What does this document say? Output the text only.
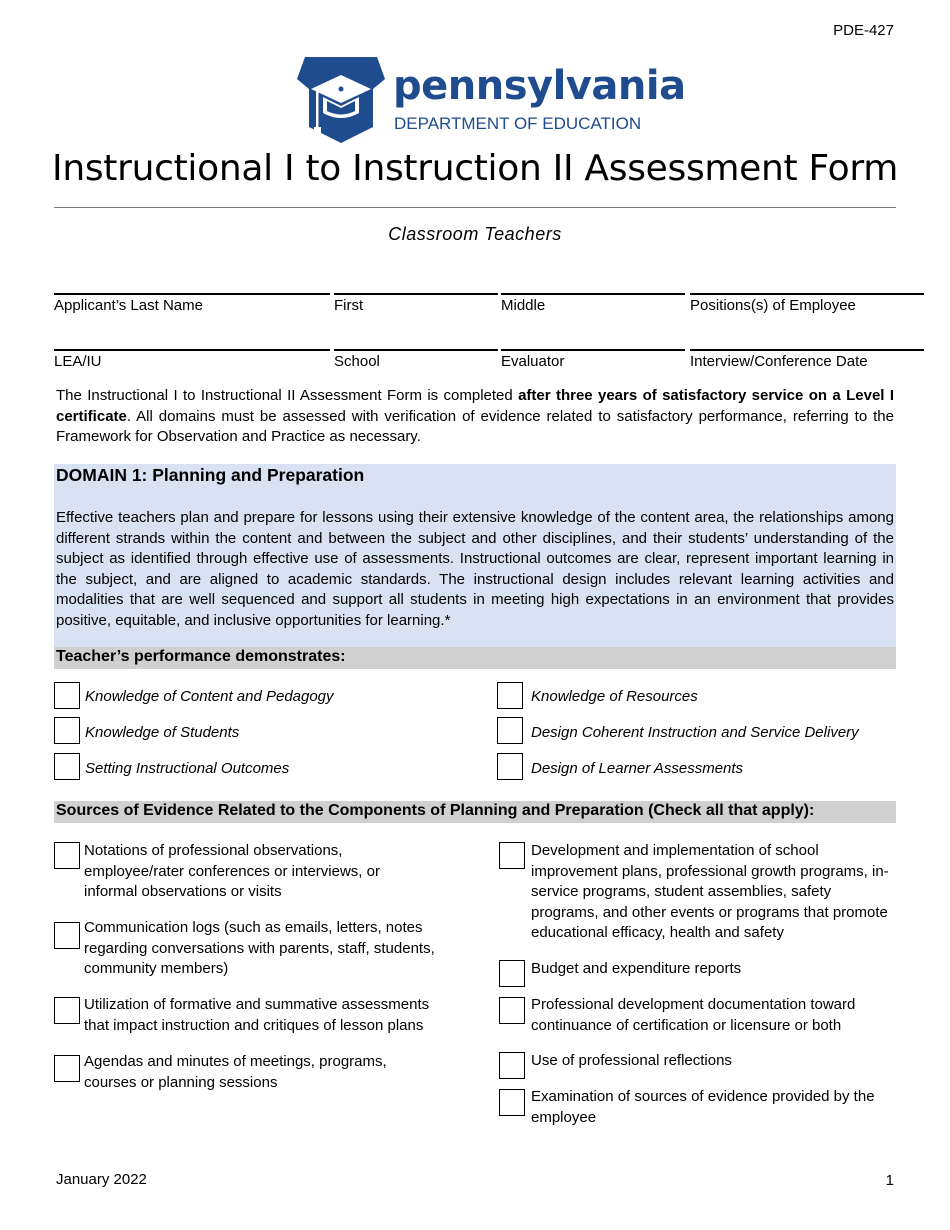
PDE-427
pennsylvania
DEPARTMENT OF EDUCATION
Instructional I to Instruction II Assessment Form
Classroom Teachers
Applicant’s Last Name	First	Middle	Positions(s) of Employee
LEA/IU	School	Evaluator	Interview/Conference Date
The Instructional I to Instructional II Assessment Form is completed after three years of satisfactory service on a Level I certificate. All domains must be assessed with verification of evidence related to satisfactory performance, referring to the Framework for Observation and Practice as necessary.
DOMAIN 1: Planning and Preparation
Effective teachers plan and prepare for lessons using their extensive knowledge of the content area, the relationships among different strands within the content and between the subject and other disciplines, and their students’ understanding of the subject as identified through effective use of assessments. Instructional outcomes are clear, represent important learning in the subject, and are aligned to academic standards. The instructional design includes relevant learning activities and modalities that are well sequenced and support all students in meeting high expectations in an environment that provides positive, equitable, and inclusive opportunities for learning.*
Teacher’s performance demonstrates:
Knowledge of Content and Pedagogy
Knowledge of Students
Setting Instructional Outcomes
Knowledge of Resources
Design Coherent Instruction and Service Delivery
Design of Learner Assessments
Sources of Evidence Related to the Components of Planning and Preparation (Check all that apply):
Notations of professional observations, employee/rater conferences or interviews, or informal observations or visits
Communication logs (such as emails, letters, notes regarding conversations with parents, staff, students, community members)
Utilization of formative and summative assessments that impact instruction and critiques of lesson plans
Agendas and minutes of meetings, programs, courses or planning sessions
Development and implementation of school improvement plans, professional growth programs, in-service programs, student assemblies, safety programs, and other events or programs that promote educational efficacy, health and safety
Budget and expenditure reports
Professional development documentation toward continuance of certification or licensure or both
Use of professional reflections
Examination of sources of evidence provided by the employee
January 2022	1
